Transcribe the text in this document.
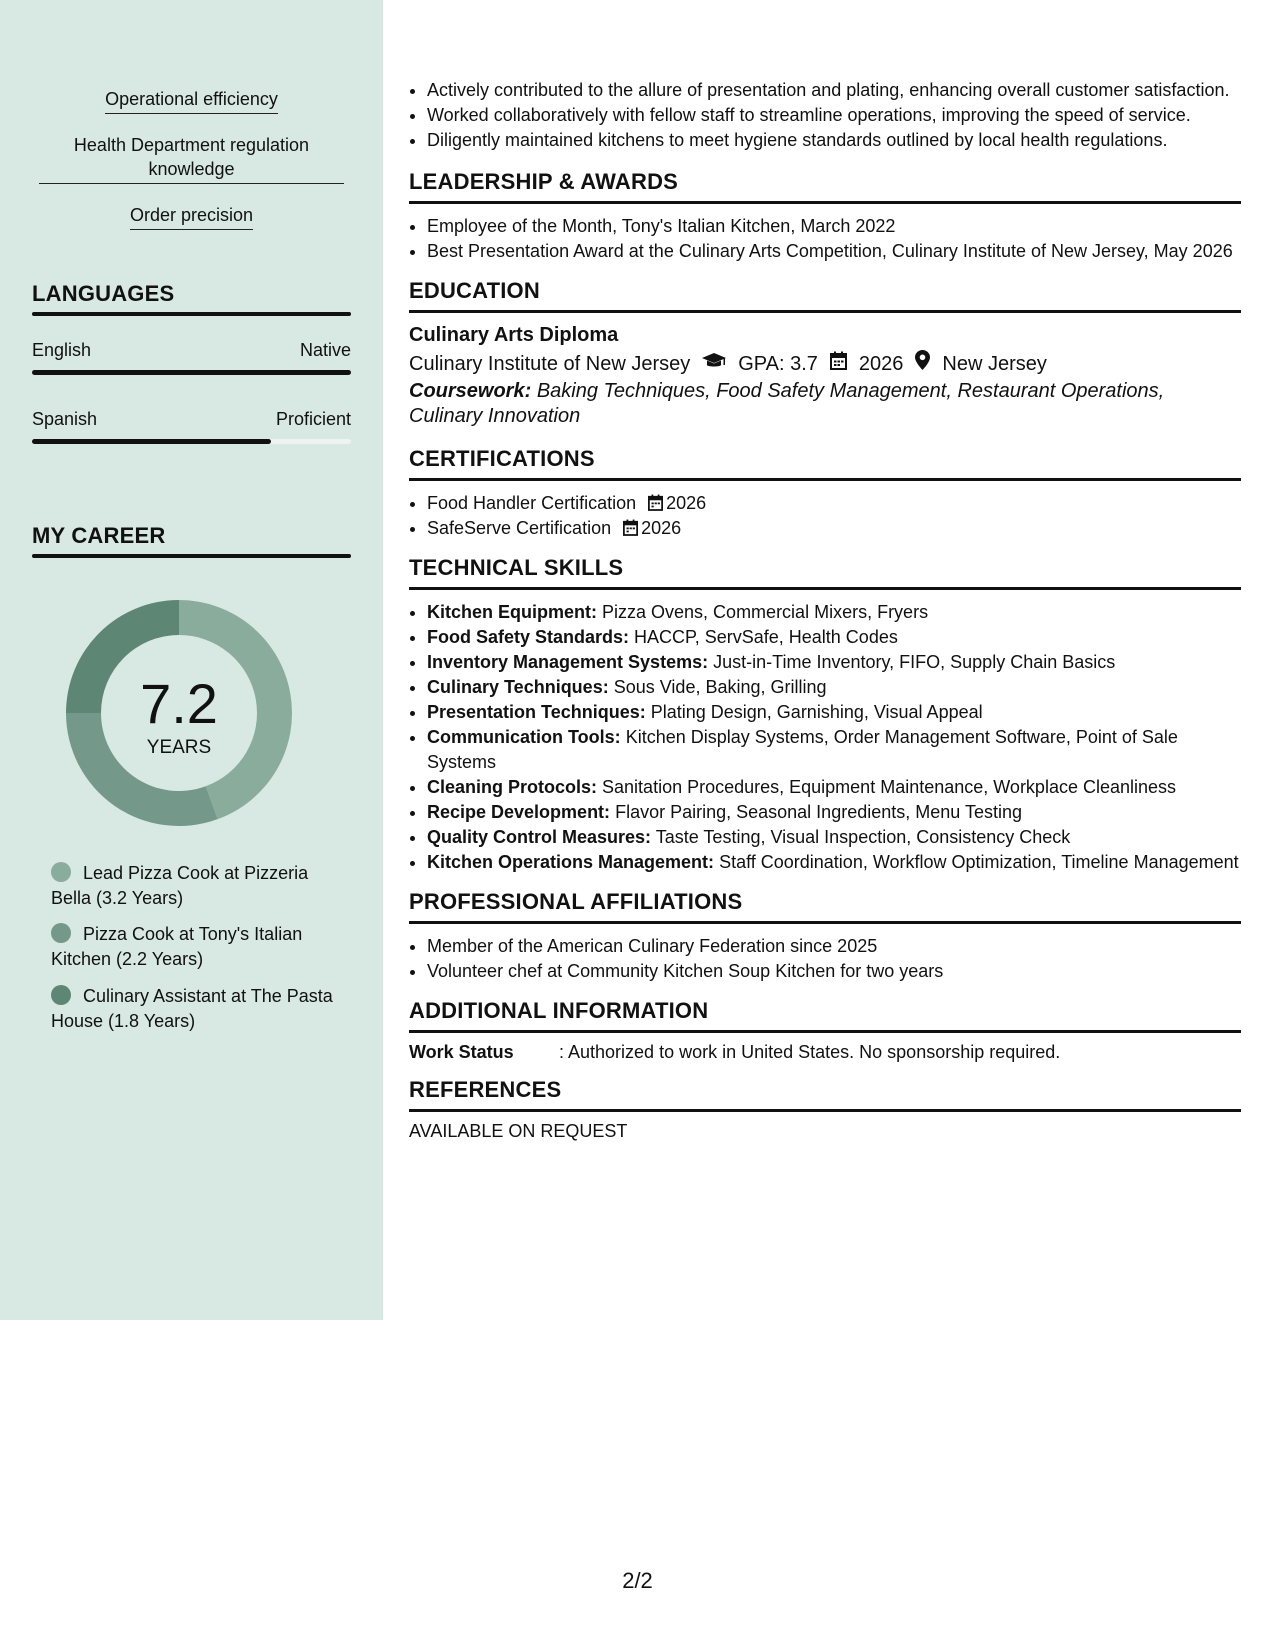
Operational efficiency
Health Department regulation knowledge
Order precision
LANGUAGES
English	Native
Spanish	Proficient
MY CAREER
7.2
YEARS
Lead Pizza Cook at Pizzeria Bella (3.2 Years)
Pizza Cook at Tony's Italian Kitchen (2.2 Years)
Culinary Assistant at The Pasta House (1.8 Years)
• Actively contributed to the allure of presentation and plating, enhancing overall customer satisfaction.
• Worked collaboratively with fellow staff to streamline operations, improving the speed of service.
• Diligently maintained kitchens to meet hygiene standards outlined by local health regulations.
LEADERSHIP & AWARDS
• Employee of the Month, Tony's Italian Kitchen, March 2022
• Best Presentation Award at the Culinary Arts Competition, Culinary Institute of New Jersey, May 2026
EDUCATION
Culinary Arts Diploma
Culinary Institute of New Jersey GPA: 3.7 2026 New Jersey
Coursework: Baking Techniques, Food Safety Management, Restaurant Operations, Culinary Innovation
CERTIFICATIONS
• Food Handler Certification 2026
• SafeServe Certification 2026
TECHNICAL SKILLS
• Kitchen Equipment: Pizza Ovens, Commercial Mixers, Fryers
• Food Safety Standards: HACCP, ServSafe, Health Codes
• Inventory Management Systems: Just-in-Time Inventory, FIFO, Supply Chain Basics
• Culinary Techniques: Sous Vide, Baking, Grilling
• Presentation Techniques: Plating Design, Garnishing, Visual Appeal
• Communication Tools: Kitchen Display Systems, Order Management Software, Point of Sale Systems
• Cleaning Protocols: Sanitation Procedures, Equipment Maintenance, Workplace Cleanliness
• Recipe Development: Flavor Pairing, Seasonal Ingredients, Menu Testing
• Quality Control Measures: Taste Testing, Visual Inspection, Consistency Check
• Kitchen Operations Management: Staff Coordination, Workflow Optimization, Timeline Management
PROFESSIONAL AFFILIATIONS
• Member of the American Culinary Federation since 2025
• Volunteer chef at Community Kitchen Soup Kitchen for two years
ADDITIONAL INFORMATION
Work Status	: Authorized to work in United States. No sponsorship required.
REFERENCES
AVAILABLE ON REQUEST
2/2
